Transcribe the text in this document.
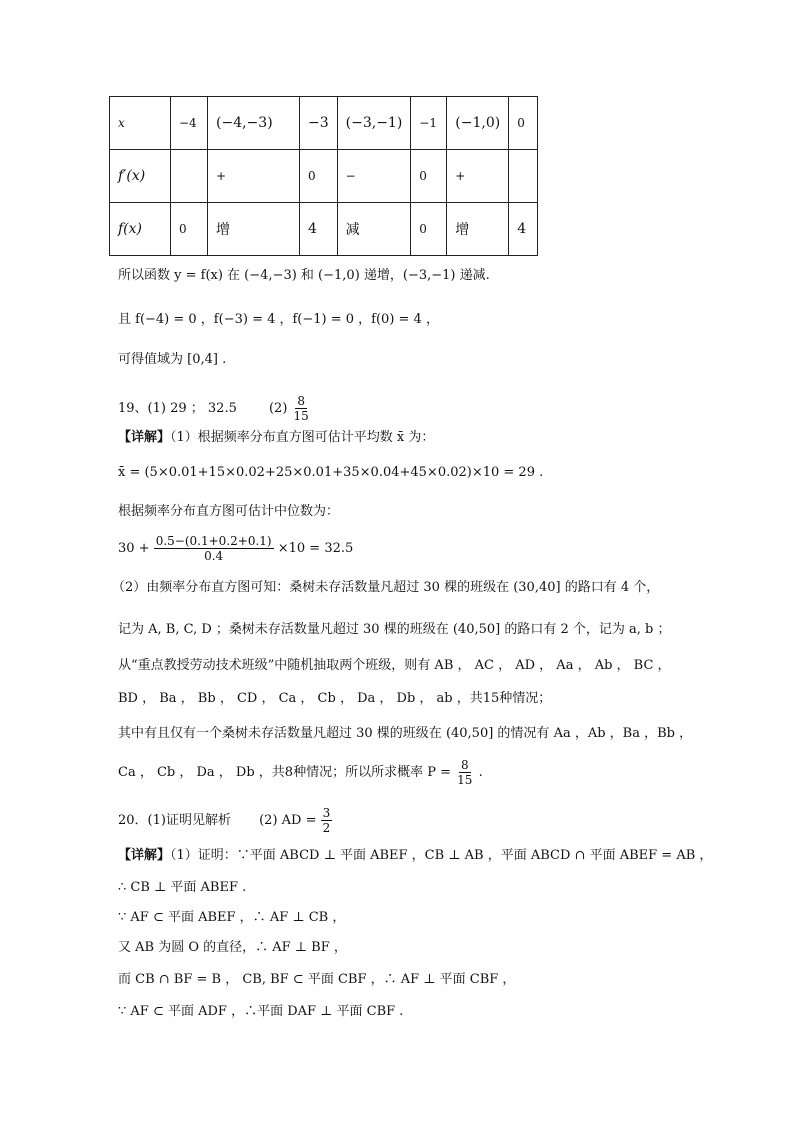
x	−4	(−4,−3)	−3	(−3,−1)	−1	(−1,0)	0
f′(x)		+	0	−	0	+	
f(x)	0	增	4	减	0	增	4
所以函数 y = f(x) 在 (−4,−3) 和 (−1,0) 递增，(−3,−1) 递减.
且 f(−4) = 0 ，f(−3) = 4 ，f(−1) = 0 ，f(0) = 4 ，
可得值域为 [0,4] .
19、(1) 29 ； 32.5 $(2) \frac{8}{15}$
【详解】（1）根据频率分布直方图可估计平均数 x̄ 为：
x̄ = (5×0.01+15×0.02+25×0.01+35×0.04+45×0.02)×10 = 29 .
根据频率分布直方图可估计中位数为：
$30 + \frac{0.5-(0.1+0.2+0.1)}{0.4} \times 10 = 32.5$
（2）由频率分布直方图可知：桑树未存活数量凡超过 30 棵的班级在 (30,40] 的路口有 4 个，
记为 A, B, C, D ；桑树未存活数量凡超过 30 棵的班级在 (40,50] 的路口有 2 个，记为 a, b ；
从“重点教授劳动技术班级”中随机抽取两个班级，则有 AB ， AC ， AD ， Aa ， Ab ， BC ，
BD ， Ba ， Bb ， CD ， Ca ， Cb ， Da ， Db ， ab ，共15种情况；
其中有且仅有一个桑树未存活数量凡超过 30 棵的班级在 (40,50] 的情况有 Aa ，Ab ，Ba ，Bb ，
Ca ， Cb ， Da ， Db ，共8种情况；所以所求概率 $P = \frac{8}{15}$ .
20．(1)证明见解析 (2) AD = $\frac{3}{2}$
【详解】（1）证明：∵平面 ABCD ⊥ 平面 ABEF ，CB ⊥ AB ，平面 ABCD ∩ 平面 ABEF = AB ，
∴ CB ⊥ 平面 ABEF .
∵ AF ⊂ 平面 ABEF ，∴ AF ⊥ CB ，
又 AB 为圆 O 的直径，∴ AF ⊥ BF ，
而 CB ∩ BF = B ， CB, BF ⊂ 平面 CBF ，∴ AF ⊥ 平面 CBF ，
∵ AF ⊂ 平面 ADF ，∴平面 DAF ⊥ 平面 CBF .
